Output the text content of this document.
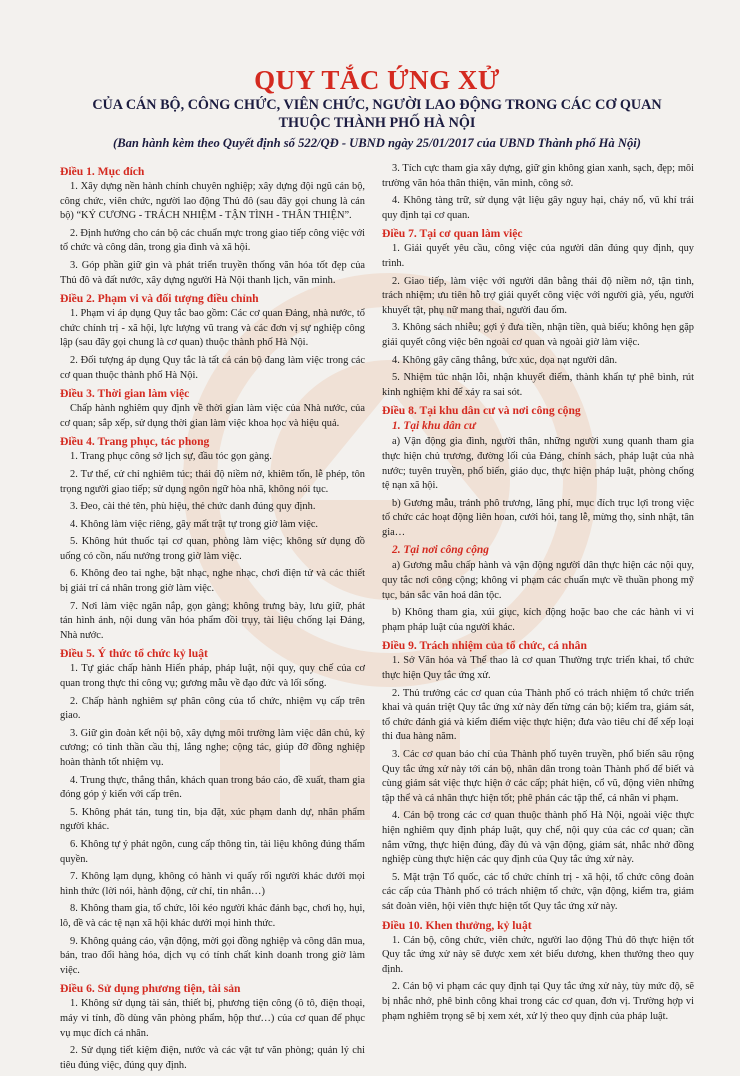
QUY TẮC ỨNG XỬ
CỦA CÁN BỘ, CÔNG CHỨC, VIÊN CHỨC, NGƯỜI LAO ĐỘNG TRONG CÁC CƠ QUAN
THUỘC THÀNH PHỐ HÀ NỘI
(Ban hành kèm theo Quyết định số 522/QĐ - UBND ngày 25/01/2017 của UBND Thành phố Hà Nội)
Điều 1. Mục đích
1. Xây dựng nền hành chính chuyên nghiệp; xây dựng đội ngũ cán bộ, công chức, viên chức, người lao động Thủ đô (sau đây gọi chung là cán bộ) “KỶ CƯƠNG - TRÁCH NHIỆM - TẬN TÌNH - THÂN THIỆN”.
2. Định hướng cho cán bộ các chuẩn mực trong giao tiếp công việc với tổ chức và công dân, trong gia đình và xã hội.
3. Góp phần giữ gìn và phát triển truyền thống văn hóa tốt đẹp của Thủ đô và đất nước, xây dựng người Hà Nội thanh lịch, văn minh.
Điều 2. Phạm vi và đối tượng điều chỉnh
1. Phạm vi áp dụng Quy tắc bao gồm: Các cơ quan Đảng, nhà nước, tổ chức chính trị - xã hội, lực lượng vũ trang và các đơn vị sự nghiệp công lập (sau đây gọi chung là cơ quan) thuộc thành phố Hà Nội.
2. Đối tượng áp dụng Quy tắc là tất cả cán bộ đang làm việc trong các cơ quan thuộc thành phố Hà Nội.
Điều 3. Thời gian làm việc
Chấp hành nghiêm quy định về thời gian làm việc của Nhà nước, của cơ quan; sắp xếp, sử dụng thời gian làm việc khoa học và hiệu quả.
Điều 4. Trang phục, tác phong
1. Trang phục công sở lịch sự, đầu tóc gọn gàng.
2. Tư thế, cử chỉ nghiêm túc; thái độ niềm nở, khiêm tốn, lễ phép, tôn trọng người giao tiếp; sử dụng ngôn ngữ hòa nhã, không nói tục.
3. Đeo, cài thẻ tên, phù hiệu, thẻ chức danh đúng quy định.
4. Không làm việc riêng, gây mất trật tự trong giờ làm việc.
5. Không hút thuốc tại cơ quan, phòng làm việc; không sử dụng đồ uống có cồn, nấu nướng trong giờ làm việc.
6. Không đeo tai nghe, bật nhạc, nghe nhạc, chơi điện tử và các thiết bị giải trí cá nhân trong giờ làm việc.
7. Nơi làm việc ngăn nắp, gọn gàng; không trưng bày, lưu giữ, phát tán hình ảnh, nội dung văn hóa phẩm đồi trụy, tài liệu chống lại Đảng, Nhà nước.
Điều 5. Ý thức tổ chức kỷ luật
1. Tự giác chấp hành Hiến pháp, pháp luật, nội quy, quy chế của cơ quan trong thực thi công vụ; gương mẫu về đạo đức và lối sống.
2. Chấp hành nghiêm sự phân công của tổ chức, nhiệm vụ cấp trên giao.
3. Giữ gìn đoàn kết nội bộ, xây dựng môi trường làm việc dân chủ, kỷ cương; có tinh thần cầu thị, lắng nghe; cộng tác, giúp đỡ đồng nghiệp hoàn thành tốt nhiệm vụ.
4. Trung thực, thẳng thắn, khách quan trong báo cáo, đề xuất, tham gia đóng góp ý kiến với cấp trên.
5. Không phát tán, tung tin, bịa đặt, xúc phạm danh dự, nhân phẩm người khác.
6. Không tự ý phát ngôn, cung cấp thông tin, tài liệu không đúng thẩm quyền.
7. Không lạm dụng, không có hành vi quấy rối người khác dưới mọi hình thức (lời nói, hành động, cử chỉ, tin nhắn…)
8. Không tham gia, tổ chức, lôi kéo người khác đánh bạc, chơi họ, hụi, lô, đề và các tệ nạn xã hội khác dưới mọi hình thức.
9. Không quảng cáo, vận động, mời gọi đồng nghiệp và công dân mua, bán, trao đổi hàng hóa, dịch vụ có tính chất kinh doanh trong giờ làm việc.
Điều 6. Sử dụng phương tiện, tài sản
1. Không sử dụng tài sản, thiết bị, phương tiện công (ô tô, điện thoại, máy vi tính, đồ dùng văn phòng phẩm, hộp thư…) của cơ quan để phục vụ mục đích cá nhân.
2. Sử dụng tiết kiệm điện, nước và các vật tư văn phòng; quản lý chi tiêu đúng việc, đúng quy định.
3. Tích cực tham gia xây dựng, giữ gìn không gian xanh, sạch, đẹp; môi trường văn hóa thân thiện, văn minh, công sở.
4. Không tàng trữ, sử dụng vật liệu gây nguy hại, cháy nổ, vũ khí trái quy định tại cơ quan.
Điều 7. Tại cơ quan làm việc
1. Giải quyết yêu cầu, công việc của người dân đúng quy định, quy trình.
2. Giao tiếp, làm việc với người dân bằng thái độ niềm nở, tận tình, trách nhiệm; ưu tiên hỗ trợ giải quyết công việc với người già, yếu, người khuyết tật, phụ nữ mang thai, người đau ốm.
3. Không sách nhiễu; gợi ý đưa tiền, nhận tiền, quà biếu; không hẹn gặp giải quyết công việc bên ngoài cơ quan và ngoài giờ làm việc.
4. Không gây căng thẳng, bức xúc, dọa nạt người dân.
5. Nhiệm túc nhận lỗi, nhận khuyết điểm, thành khẩn tự phê bình, rút kinh nghiệm khi để xảy ra sai sót.
Điều 8. Tại khu dân cư và nơi công cộng
1. Tại khu dân cư
a) Vận động gia đình, người thân, những người xung quanh tham gia thực hiện chủ trương, đường lối của Đảng, chính sách, pháp luật của nhà nước; tuyên truyền, phổ biến, giáo dục, thực hiện pháp luật, phòng chống tệ nạn xã hội.
b) Gương mẫu, tránh phô trương, lãng phí, mục đích trục lợi trong việc tổ chức các hoạt động liên hoan, cưới hỏi, tang lễ, mừng thọ, sinh nhật, tân gia…
2. Tại nơi công cộng
a) Gương mẫu chấp hành và vận động người dân thực hiện các nội quy, quy tắc nơi công cộng; không vi phạm các chuẩn mực về thuần phong mỹ tục, bản sắc văn hoá dân tộc.
b) Không tham gia, xúi giục, kích động hoặc bao che các hành vi vi phạm pháp luật của người khác.
Điều 9. Trách nhiệm của tổ chức, cá nhân
1. Sở Văn hóa và Thể thao là cơ quan Thường trực triển khai, tổ chức thực hiện Quy tắc ứng xử.
2. Thủ trưởng các cơ quan của Thành phố có trách nhiệm tổ chức triển khai và quán triệt Quy tắc ứng xử này đến từng cán bộ; kiểm tra, giám sát, tổ chức đánh giá và kiểm điểm việc thực hiện; đưa vào tiêu chí để xếp loại thi đua hàng năm.
3. Các cơ quan báo chí của Thành phố tuyên truyền, phổ biến sâu rộng Quy tắc ứng xử này tới cán bộ, nhân dân trong toàn Thành phố để biết và cùng giám sát việc thực hiện ở các cấp; phát hiện, cổ vũ, động viên những tập thể và cá nhân thực hiện tốt; phê phán các tập thể, cá nhân vi phạm.
4. Cán bộ trong các cơ quan thuộc thành phố Hà Nội, ngoài việc thực hiện nghiêm quy định pháp luật, quy chế, nội quy của các cơ quan; cần nắm vững, thực hiện đúng, đầy đủ và vận động, giám sát, nhắc nhở đồng nghiệp cùng thực hiện các quy định của Quy tắc ứng xử này.
5. Mặt trận Tổ quốc, các tổ chức chính trị - xã hội, tổ chức công đoàn các cấp của Thành phố có trách nhiệm tổ chức, vận động, kiểm tra, giám sát đoàn viên, hội viên thực hiện tốt Quy tắc ứng xử này.
Điều 10. Khen thưởng, kỷ luật
1. Cán bộ, công chức, viên chức, người lao động Thủ đô thực hiện tốt Quy tắc ứng xử này sẽ được xem xét biểu dương, khen thưởng theo quy định.
2. Cán bộ vi phạm các quy định tại Quy tắc ứng xử này, tùy mức độ, sẽ bị nhắc nhở, phê bình công khai trong các cơ quan, đơn vị. Trường hợp vi phạm nghiêm trọng sẽ bị xem xét, xử lý theo quy định của pháp luật.
